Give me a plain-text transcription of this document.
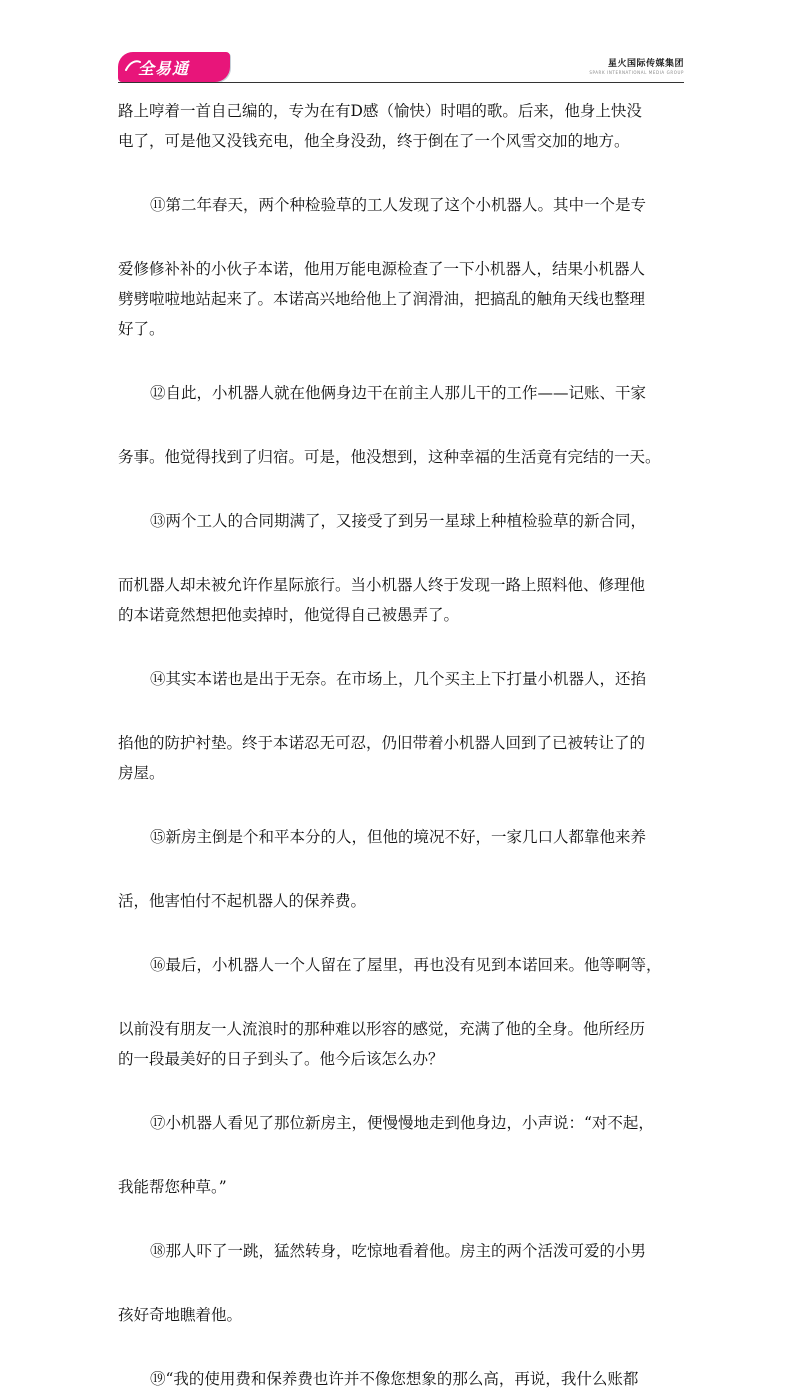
全易通	星火国际传媒集团
SPARK INTERNATIONAL MEDIA GROUP
路上哼着一首自己编的，专为在有D感（愉快）时唱的歌。后来，他身上快没
电了，可是他又没钱充电，他全身没劲，终于倒在了一个风雪交加的地方。
⑪第二年春天，两个种检验草的工人发现了这个小机器人。其中一个是专
爱修修补补的小伙子本诺，他用万能电源检查了一下小机器人，结果小机器人
劈劈啦啦地站起来了。本诺高兴地给他上了润滑油，把搞乱的触角天线也整理
好了。
⑫自此，小机器人就在他俩身边干在前主人那儿干的工作——记账、干家
务事。他觉得找到了归宿。可是，他没想到，这种幸福的生活竟有完结的一天。
⑬两个工人的合同期满了，又接受了到另一星球上种植检验草的新合同，
而机器人却未被允许作星际旅行。当小机器人终于发现一路上照料他、修理他
的本诺竟然想把他卖掉时，他觉得自己被愚弄了。
⑭其实本诺也是出于无奈。在市场上，几个买主上下打量小机器人，还掐
掐他的防护衬垫。终于本诺忍无可忍，仍旧带着小机器人回到了已被转让了的
房屋。
⑮新房主倒是个和平本分的人，但他的境况不好，一家几口人都靠他来养
活，他害怕付不起机器人的保养费。
⑯最后，小机器人一个人留在了屋里，再也没有见到本诺回来。他等啊等，
以前没有朋友一人流浪时的那种难以形容的感觉，充满了他的全身。他所经历
的一段最美好的日子到头了。他今后该怎么办？
⑰小机器人看见了那位新房主，便慢慢地走到他身边，小声说：“对不起，
我能帮您种草。”
⑱那人吓了一跳，猛然转身，吃惊地看着他。房主的两个活泼可爱的小男
孩好奇地瞧着他。
⑲“我的使用费和保养费也许并不像您想象的那么高，再说，我什么账都
